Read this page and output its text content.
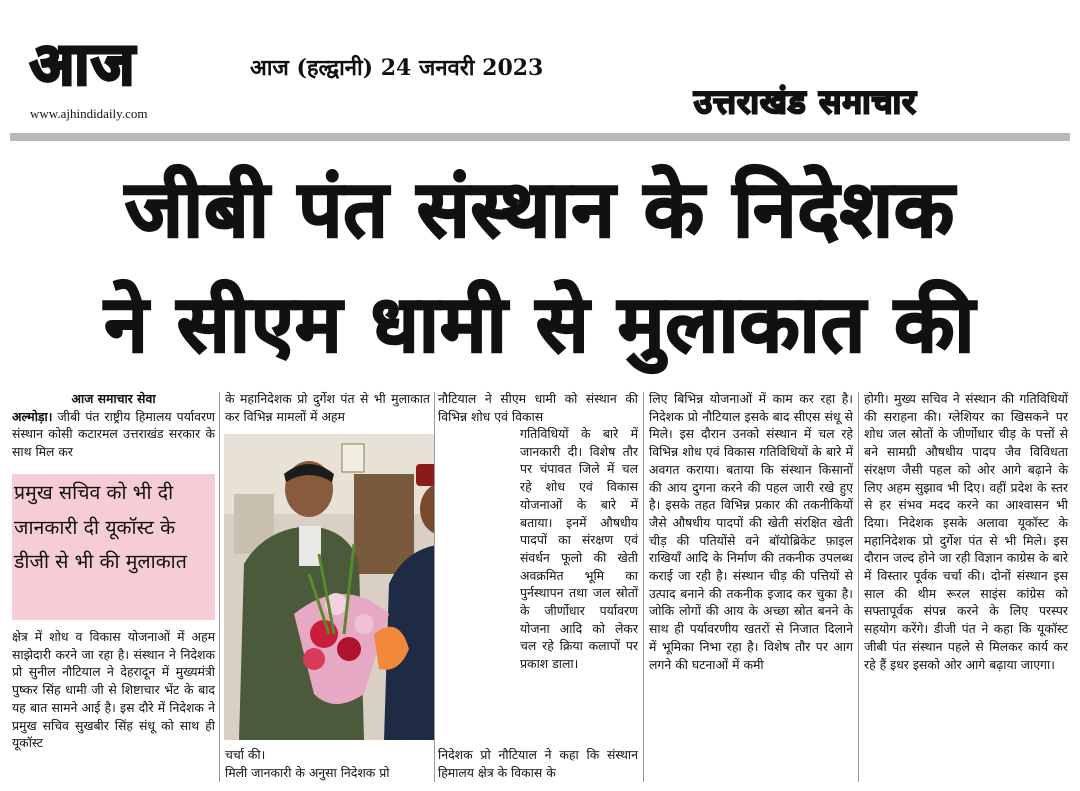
आज
www.ajhindidaily.com
आज (हल्द्वानी) 24 जनवरी 2023
उत्तराखंड समाचार
जीबी पंत संस्थान के निदेशक
ने सीएम धामी से मुलाकात की

आज समाचार सेवा

अल्मोड़ा। जीबी पंत राष्ट्रीय हिमालय पर्यावरण संस्थान कोसी कटारमल उत्तराखंड सरकार के साथ मिल कर

प्रमुख सचिव को भी दी जानकारी दी यूकॉस्ट के डीजी से भी की मुलाकात

क्षेत्र में शोध व विकास योजनाओं में अहम साझेदारी करने जा रहा है। संस्थान ने निदेशक प्रो सुनील नौटियाल ने देहरादून में मुख्यमंत्री पुष्कर सिंह धामी जी से शिष्टाचार भेंट के बाद यह बात सामने आई है। इस दौरे में निदेशक ने प्रमुख सचिव सुखबीर सिंह संधू को साथ ही यूकॉस्ट

के महानिदेशक प्रो दुर्गेश पंत से भी मुलाकात कर विभिन्न मामलों में अहम

चर्चा की।

मिली जानकारी के अनुसा निदेशक प्रो

नौटियाल ने सीएम धामी को संस्थान की विभिन्न शोध एवं विकास

गतिविधियों के बारे में जानकारी दी। विशेष तौर पर चंपावत जिले में चल रहे शोध एवं विकास योजनाओं के बारे में बताया। इनमें औषधीय पादपों का संरक्षण एवं संवर्धन फूलो की खेती अवक्रमित भूमि का पुर्नस्थापन तथा जल स्रोतों के जीर्णोधार पर्यावरण योजना आदि को लेकर चल रहे क्रिया कलापों पर प्रकाश डाला।

निदेशक प्रो नौटियाल ने कहा कि संस्थान हिमालय क्षेत्र के विकास के

लिए बिभिन्न योजनाओं में काम कर रहा है। निदेशक प्रो नौटियाल इसके बाद सीएस संधू से मिले। इस दौरान उनको संस्थान में चल रहे विभिन्न शोध एवं विकास गतिविधियों के बारे में अवगत कराया। बताया कि संस्थान किसानों की आय दुगना करने की पहल जारी रखे हुए है। इसके तहत विभिन्न प्रकार की तकनीकियों जैसे औषधीय पादपों की खेती संरक्षित खेती चीड़ की पतियोंसे वने बॉयोब्रिकेट फ़ाइल राखियाँ आदि के निर्माण की तकनीक उपलब्ध कराई जा रही है। संस्थान चीड़ की पत्तियों से उत्पाद बनाने की तकनीक इजाद कर चुका है। जोकि लोगों की आय के अच्छा स्रोत बनने के साथ ही पर्यावरणीय खतरों से निजात दिलाने में भूमिका निभा रहा है। विशेष तौर पर आग लगने की घटनाओं में कमी

होगी। मुख्य सचिव ने संस्थान की गतिविधियों की सराहना की। ग्लेशियर का खिसकने पर शोध जल स्रोतों के जीर्णोधार चीड़ के पत्तों से बने सामग्री औषधीय पादप जैव विविधता संरक्षण जैसी पहल को ओर आगे बढ़ाने के लिए अहम सुझाव भी दिए। वहीं प्रदेश के स्तर से हर संभव मदद करने का आश्वासन भी दिया। निदेशक इसके अलावा यूकॉस्ट के महानिदेशक प्रो दुर्गेश पंत से भी मिले। इस दौरान जल्द होने जा रही विज्ञान काग्रेस के बारे में विस्तार पूर्वक चर्चा की। दोनों संस्थान इस साल की थीम रूरल साइंस कांग्रेस को सफ्तापूर्वक संपन्न करने के लिए परस्पर सहयोग करेंगे। डीजी पंत ने कहा कि यूकॉस्ट जीबी पंत संस्थान पहले से मिलकर कार्य कर रहे हैं इधर इसको ओर आगे बढ़ाया जाएगा।
